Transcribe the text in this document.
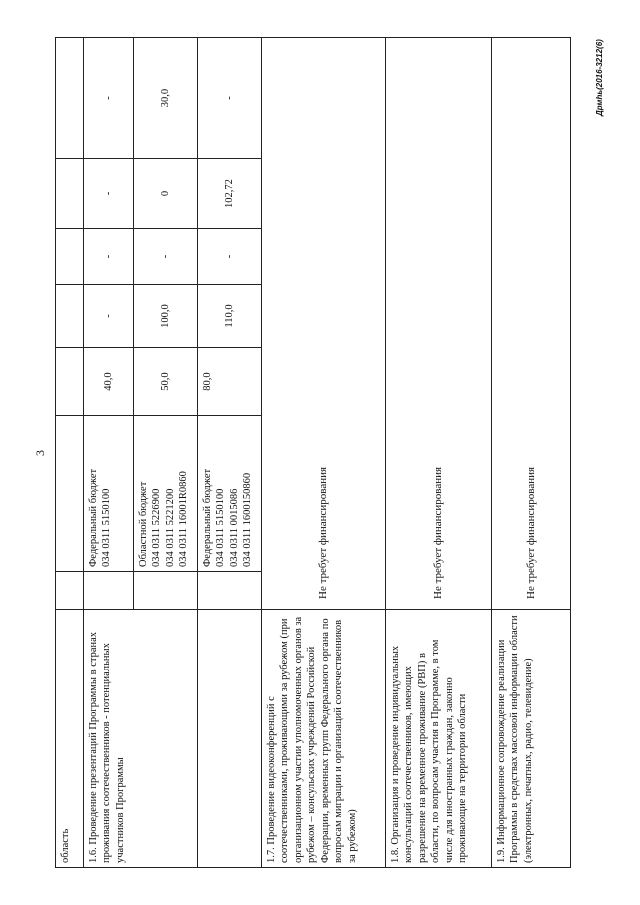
3
Дрмhь(2016-3212(6)
область							
1.6. Проведение презентаций Программы в странах проживания соотечественников - потенциальных участников Программы		Федеральный бюджет 034 0311 5150100	40,0	-	-	-	-

		Областной бюджет 034 0311 5226900 034 0311 5221200 034 0311 16001R0860	50,0	100,0	-	0	30,0

		Федеральный бюджет 034 0311 5150100 034 0311 0015086 034 0311 1600150860	80,0	110,0	-	102,72	-
1.7. Проведение видеоконференций с соотечественниками, проживающими за рубежом (при организационном участии уполномоченных органов за рубежом – консульских учреждений Российской Федерации, временных групп Федерального органа по вопросам миграции и организаций соотечественников за рубежом)	Не требует финансирования						
1.8. Организация и проведение индивидуальных консультаций соотечественников, имеющих разрешение на временное проживание (РВП) в области, по вопросам участия в Программе, в том числе для иностранных граждан, законно проживающие на территории области	Не требует финансирования						
1.9. Информационное сопровождение реализации Программы в средствах массовой информации области (электронных, печатных, радио, телевидение)	Не требует финансирования						
